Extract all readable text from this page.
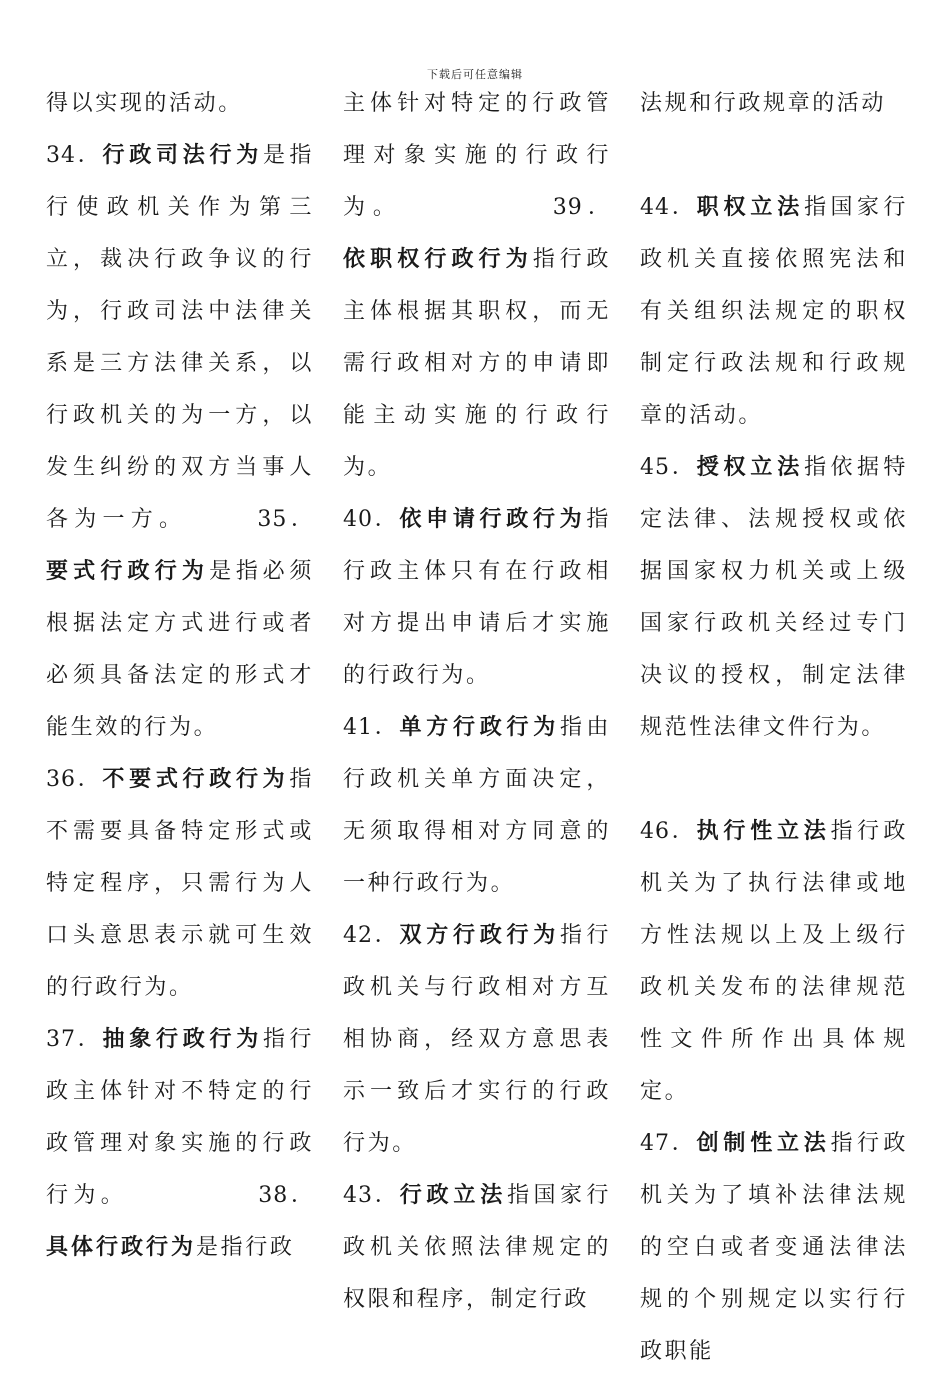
下载后可任意编辑

得以实现的活动。

34．行政司法行为是指行使政机关作为第三立，裁决行政争议的行为，行政司法中法律关系是三方法律关系，以行政机关的为一方，以发生纠纷的双方当事人各为一方。	35．要式行政行为是指必须根据法定方式进行或者必须具备法定的形式才能生效的行为。

36．不要式行政行为指不需要具备特定形式或特定程序，只需行为人口头意思表示就可生效的行政行为。

37．抽象行政行为指行政主体针对不特定的行政管理对象实施的行政行为。	38．具体行政行为是指行政

主体针对特定的行政管理对象实施的行政行为。	39．依职权行政行为指行政主体根据其职权，而无需行政相对方的申请即能主动实施的行政行为。

40．依申请行政行为指行政主体只有在行政相对方提出申请后才实施的行政行为。

41．单方行政行为指由行政机关单方面决定，无须取得相对方同意的一种行政行为。

42．双方行政行为指行政机关与行政相对方互相协商，经双方意思表示一致后才实行的行政行为。

43．行政立法指国家行政机关依照法律规定的权限和程序，制定行政

法规和行政规章的活动

44．职权立法指国家行政机关直接依照宪法和有关组织法规定的职权制定行政法规和行政规章的活动。

45．授权立法指依据特定法律、法规授权或依据国家权力机关或上级国家行政机关经过专门决议的授权，制定法律规范性法律文件行为。

46．执行性立法指行政机关为了执行法律或地方性法规以上及上级行政机关发布的法律规范性文件所作出具体规定。

47．创制性立法指行政机关为了填补法律法规的空白或者变通法律法规的个别规定以实行行政职能
